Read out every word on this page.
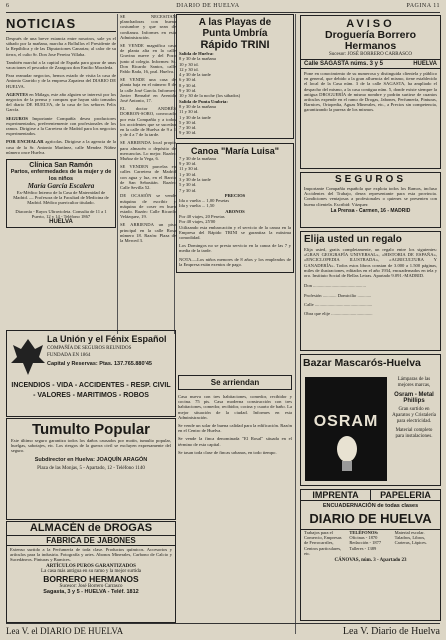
6	DIARIO DE HUELVA	PAGINA 11
NOTICIAS

Después de una breve estancia entre nosotros, sale ya el sábado por la mañana, marcha a Bollullos el Presidente de la República y de las Diputaciones Canarias; al calor de su tierra, el culto Sr. Don Jose Pereira Villaba.

También marchó a la capital de España para gozar de unas vacaciones el pescador de Zaragoza don Emilio Moraleda.

Para reanudar negocios, hemos estado de visita la casa de Antonio Garrido y de la empresa Zapatera del DIARIO DE HUELVA.

AGENTES en Málaga, este año alguien se interesó por los negocios de la prensa y compras que hayan sido tomados del diario DE HUELVA, de la casa de los señores Felix García.

SEGUROS Importante Compañía desea productores experimentados, preferentemente con profesionales de los ramos. Dirigirse a la Carretera de Madrid para los negocios experimentados.

POR ENCHALAR agrícolas. Dirigirse a la agencia de la casa de la Sr. Antonio Martínez, calle Mendez Núñez número once Huelva.

Clínica San Ramón
Partos, enfermedades de la mujer y de los niños
María García Escalera

Ex-Médico Interno de la Casa de Maternidad de Madrid. — Profesora de la Facultad de Medicina de Madrid. Médico puericultor titulado.

Diaconía - Rayos Ultravioleta. Consulta de 11 a 1
Puerto, 12 y 14 - Teléfono 1867
HUELVA

SE NECESITAN planchadoras con buena costumbre y que sean de confianza. Informes en esta Administración.

SE VENDE magnífica casa de planta alta en la calle Gravina nueve y del Pozo junto al colegio. Informes: Sr. Don Ricardo Santos, calle Pablo Rada, 16, pral. Huelva.

SE VENDE una casa de planta baja en el número 8 de la calle José García. Informes: Javier Bernabé en Avenida José Antonio, 17.

EL doctor ANDRÉS DORRON-SORO, convocado por esta Compañía y a todos los accidentes que se sucedan en la calle de Huelva de 9 a 1 y de 4 a 7 de la tarde.

SE ARRIENDA local propio para almacén o depósito de mercancías. Lo mejor. Razón: Muñoz de la Vega, 6.

SE VENDEN parcelas en calles Carretera de Madrid con agua y luz, en el Barrio de San Sebastián. Razón: Calle Sevilla 52.

DE OCASIÓN se vende máquina de escribir y máquina de coser en buen estado. Razón: Calle Ricardo Velázquez, 19.

SE ARRIENDA un piso principal en la calle Rosa número 18. Razón: Plaza de la Merced 3.

A las Playas de
Punta Umbría
Rápido TRINI
Salida de Huelva:
8 y 30 de la mañana
10 y 30 id.
12 y 30 id.
4 y 30 de la tarde
6 y 30 id.
8 y 30 id.
9 y 30 id.
10 y 30 de la noche (los sábados)
Salida de Punta Umbría:
8 y 30 de la mañana
11 y 30 id.
1 y 30 de la tarde
5 y 30 id.
7 y 30 id.
9 y 30 id.
Canoa "María Luisa"
7 y 30 de la mañana
9 y 30 id.
11 y 30 id.
1 y 30 id.
3 y 30 de la tarde
5 y 30 id.
7 y 30 id.
PRECIOS
Ida o vuelta ... 1,00 Pesetas
Ida y vuelta ... 1,50
ABONOS
Por 40 viajes, 20 Pesetas
Por 40 viajes, 25'00

Utilizando esta embarcación y el servicio de la canoa en la Empresa del Rápido TRINI se garantiza la máxima comodidad.

Los Domingos no se presta servicio en la canoa de las 7 y media de la tarde.

NOTA.—Los niños menores de 8 años y los empleados de la Empresa están exentos de pago.

Se arriendan

Casa nueva con tres habitaciones, comedor, recibidor y cocina. 75 pts. Casa moderna construcción con tres habitaciones, comedor, recibidor, cocina y cuarto de baño. La mejor situación de la ciudad. Informes en esta Administración.

Se vende un solar de buena calidad para la edificación. Razón en el Centro de Huelva.

Se vende la finca denominada "El Rosal" situada en el término de esta capital.

Se tasan toda clase de fincas urbanas, en todo tiempo.

AVISO
Droguería Borrero Hermanos
Sucesor: JOSÉ BORRERO CARRASCO
Calle SAGASTA núms. 3 y 5	HUELVA

Pone en conocimiento de su numerosa y distinguida clientela y público en general, que debido a la gran afluencia del mismo, tiene establecido el local de la Casa núm. 3 de la calle SAGASTA, ha ampliado el despacho del mismo, a la casa contigua núm. 5, donde existe siempre la antigua DROGUERÍA de mismo nombre y podrán surtirse de cuantos artículos expende en el ramo de Drogas, Jabones, Perfumería, Pinturas, Barnices, Ortopedia, Aguas Minerales, etc., a Precios sin competencia, garantizando la pureza de los mismos.

SEGUROS

Importante Compañía española que explota todos los Ramos, incluso Accidentes del Trabajo, desea representante para esta provincia. Condiciones ventajosas a profesionales o quienes se presenten con buena clientela. Escribid: Vázquez

La Prensa - Carmen, 16 - MADRID
Elija usted un regalo

Elija usted, gratis completamente, un regalo entre los siguientes: «GRAN GEOGRAFÍA UNIVERSAL», «HISTORIA DE ESPAÑA», «ENCICLOPEDIA ILUSTRADA», «AGRICULTURA Y GANADERÍA». Todos estos libros constan de 3.000 a 1.500 páginas, miles de ilustraciones, editados en el año 1934, encuadernados en tela y oro. Instituto Social de Bellas Letras. Apartado 9.091.-MADRID.

Don ..............................................
Profesión ............ Domicilio ............
Calle ..................................................
Obra que elije ....................................
Bazar Mascarós-Huelva
OSRAM
Lámparas de las mejores marcas,
Osram - Metal
Phillips
Gran surtido en Aparatos y Cristalería para electricidad.
Material completo para instalaciones.
IMPRENTA	PAPELERIA
ENCUADERNACIÓN de todas clases
DIARIO DE HUELVA
Trabajos para el Comercio, Empresas de Ferrocarriles, Centros particulares, etc.
TELÉFONOS:
Oficinas - 1870
Redacción - 1877
Talleres - 1389
Material escolar. Taladros, Libros, Carteras, Lápices.
CÁNOVAS, núm. 3 - Apartado 23
La Unión y el Fénix Español
COMPAÑÍA DE SEGUROS REUNIDOS
FUNDADA EN 1864
Capital y Reservas: Ptas. 137.765.880'45
INCENDIOS - VIDA - ACCIDENTES - RESP. CIVIL - VALORES - MARITIMOS - ROBOS
Tumulto Popular

Este último seguro garantiza todos los daños causados por motín, tumulto popular, huelgas, sabotajes, etc. Los riesgos de la guerra civil se excluyen expresamente del seguro.

Subdirector en Huelva: JOAQUÍN ARAGÓN
Plaza de las Monjas, 5 - Apartado, 12 - Teléfono 1140
ALMACÉN de DROGAS
FABRICA DE JABONES

Extenso surtido a la Perfumería de toda clase. Productos químicos. Accesorios y artículos para la industria. Fotografía y artes. Abonos Minerales, Carbono de Calcio y Sucedáneos. Pinturas y Barnices.

ARTÍCULOS PUROS GARANTIZADOS
La casa más antigua en su ramo y la mejor surtida
BORRERO HERMANOS
Sucesor: José Borrero Carrasco
Sagasta, 3 y 5 - HUELVA - Teléf. 1812
Lea V. el DIARIO DE HUELVA	Lea V. Diario de Huelva
